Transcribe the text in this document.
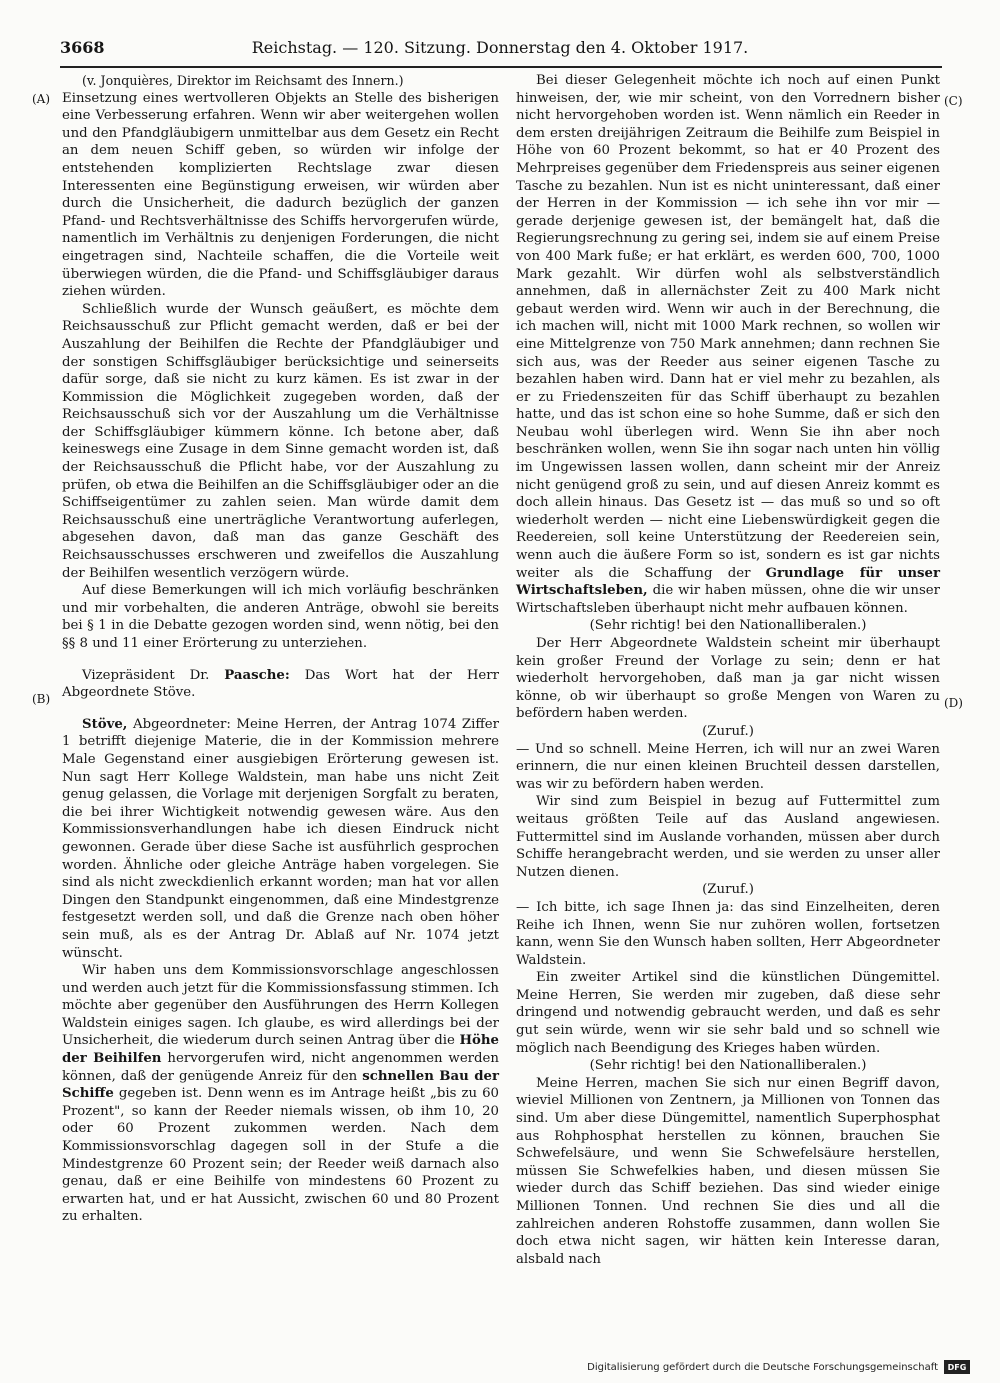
3668	Reichstag. — 120. Sitzung. Donnerstag den 4. Oktober 1917.
(A)
(B)
(C)
(D)

(v. Jonquières, Direktor im Reichsamt des Innern.)

Einsetzung eines wertvolleren Objekts an Stelle des bisherigen eine Verbesserung erfahren. Wenn wir aber weitergehen wollen und den Pfandgläubigern unmittelbar aus dem Gesetz ein Recht an dem neuen Schiff geben, so würden wir infolge der entstehenden komplizierten Rechtslage zwar diesen Interessenten eine Begünstigung erweisen, wir würden aber durch die Unsicherheit, die dadurch bezüglich der ganzen Pfand- und Rechtsverhältnisse des Schiffs hervorgerufen würde, namentlich im Verhältnis zu denjenigen Forderungen, die nicht eingetragen sind, Nachteile schaffen, die die Vorteile weit überwiegen würden, die die Pfand- und Schiffsgläubiger daraus ziehen würden.

Schließlich wurde der Wunsch geäußert, es möchte dem Reichsausschuß zur Pflicht gemacht werden, daß er bei der Auszahlung der Beihilfen die Rechte der Pfandgläubiger und der sonstigen Schiffsgläubiger berücksichtige und seinerseits dafür sorge, daß sie nicht zu kurz kämen. Es ist zwar in der Kommission die Möglichkeit zugegeben worden, daß der Reichsausschuß sich vor der Auszahlung um die Verhältnisse der Schiffsgläubiger kümmern könne. Ich betone aber, daß keineswegs eine Zusage in dem Sinne gemacht worden ist, daß der Reichsausschuß die Pflicht habe, vor der Auszahlung zu prüfen, ob etwa die Beihilfen an die Schiffsgläubiger oder an die Schiffseigentümer zu zahlen seien. Man würde damit dem Reichsausschuß eine unerträgliche Verantwortung auferlegen, abgesehen davon, daß man das ganze Geschäft des Reichsausschusses erschweren und zweifellos die Auszahlung der Beihilfen wesentlich verzögern würde.

Auf diese Bemerkungen will ich mich vorläufig beschränken und mir vorbehalten, die anderen Anträge, obwohl sie bereits bei § 1 in die Debatte gezogen worden sind, wenn nötig, bei den §§ 8 und 11 einer Erörterung zu unterziehen.

Vizepräsident Dr. Paasche: Das Wort hat der Herr Abgeordnete Stöve.

Stöve, Abgeordneter: Meine Herren, der Antrag 1074 Ziffer 1 betrifft diejenige Materie, die in der Kommission mehrere Male Gegenstand einer ausgiebigen Erörterung gewesen ist. Nun sagt Herr Kollege Waldstein, man habe uns nicht Zeit genug gelassen, die Vorlage mit derjenigen Sorgfalt zu beraten, die bei ihrer Wichtigkeit notwendig gewesen wäre. Aus den Kommissionsverhandlungen habe ich diesen Eindruck nicht gewonnen. Gerade über diese Sache ist ausführlich gesprochen worden. Ähnliche oder gleiche Anträge haben vorgelegen. Sie sind als nicht zweckdienlich erkannt worden; man hat vor allen Dingen den Standpunkt eingenommen, daß eine Mindestgrenze festgesetzt werden soll, und daß die Grenze nach oben höher sein muß, als es der Antrag Dr. Ablaß auf Nr. 1074 jetzt wünscht.

Wir haben uns dem Kommissionsvorschlage angeschlossen und werden auch jetzt für die Kommissionsfassung stimmen. Ich möchte aber gegenüber den Ausführungen des Herrn Kollegen Waldstein einiges sagen. Ich glaube, es wird allerdings bei der Unsicherheit, die wiederum durch seinen Antrag über die Höhe der Beihilfen hervorgerufen wird, nicht angenommen werden können, daß der genügende Anreiz für den schnellen Bau der Schiffe gegeben ist. Denn wenn es im Antrage heißt „bis zu 60 Prozent", so kann der Reeder niemals wissen, ob ihm 10, 20 oder 60 Prozent zukommen werden. Nach dem Kommissionsvorschlag dagegen soll in der Stufe a die Mindestgrenze 60 Prozent sein; der Reeder weiß darnach also genau, daß er eine Beihilfe von mindestens 60 Prozent zu erwarten hat, und er hat Aussicht, zwischen 60 und 80 Prozent zu erhalten.

Bei dieser Gelegenheit möchte ich noch auf einen Punkt hinweisen, der, wie mir scheint, von den Vorrednern bisher nicht hervorgehoben worden ist. Wenn nämlich ein Reeder in dem ersten dreijährigen Zeitraum die Beihilfe zum Beispiel in Höhe von 60 Prozent bekommt, so hat er 40 Prozent des Mehrpreises gegenüber dem Friedenspreis aus seiner eigenen Tasche zu bezahlen. Nun ist es nicht uninteressant, daß einer der Herren in der Kommission — ich sehe ihn vor mir — gerade derjenige gewesen ist, der bemängelt hat, daß die Regierungsrechnung zu gering sei, indem sie auf einem Preise von 400 Mark fuße; er hat erklärt, es werden 600, 700, 1000 Mark gezahlt. Wir dürfen wohl als selbstverständlich annehmen, daß in allernächster Zeit zu 400 Mark nicht gebaut werden wird. Wenn wir auch in der Berechnung, die ich machen will, nicht mit 1000 Mark rechnen, so wollen wir eine Mittelgrenze von 750 Mark annehmen; dann rechnen Sie sich aus, was der Reeder aus seiner eigenen Tasche zu bezahlen haben wird. Dann hat er viel mehr zu bezahlen, als er zu Friedenszeiten für das Schiff überhaupt zu bezahlen hatte, und das ist schon eine so hohe Summe, daß er sich den Neubau wohl überlegen wird. Wenn Sie ihn aber noch beschränken wollen, wenn Sie ihn sogar nach unten hin völlig im Ungewissen lassen wollen, dann scheint mir der Anreiz nicht genügend groß zu sein, und auf diesen Anreiz kommt es doch allein hinaus. Das Gesetz ist — das muß so und so oft wiederholt werden — nicht eine Liebenswürdigkeit gegen die Reedereien, soll keine Unterstützung der Reedereien sein, wenn auch die äußere Form so ist, sondern es ist gar nichts weiter als die Schaffung der Grundlage für unser Wirtschaftsleben, die wir haben müssen, ohne die wir unser Wirtschaftsleben überhaupt nicht mehr aufbauen können.

(Sehr richtig! bei den Nationalliberalen.)

Der Herr Abgeordnete Waldstein scheint mir überhaupt kein großer Freund der Vorlage zu sein; denn er hat wiederholt hervorgehoben, daß man ja gar nicht wissen könne, ob wir überhaupt so große Mengen von Waren zu befördern haben werden.

(Zuruf.)

— Und so schnell. Meine Herren, ich will nur an zwei Waren erinnern, die nur einen kleinen Bruchteil dessen darstellen, was wir zu befördern haben werden.

Wir sind zum Beispiel in bezug auf Futtermittel zum weitaus größten Teile auf das Ausland angewiesen. Futtermittel sind im Auslande vorhanden, müssen aber durch Schiffe herangebracht werden, und sie werden zu unser aller Nutzen dienen.

(Zuruf.)

— Ich bitte, ich sage Ihnen ja: das sind Einzelheiten, deren Reihe ich Ihnen, wenn Sie nur zuhören wollen, fortsetzen kann, wenn Sie den Wunsch haben sollten, Herr Abgeordneter Waldstein.

Ein zweiter Artikel sind die künstlichen Düngemittel. Meine Herren, Sie werden mir zugeben, daß diese sehr dringend und notwendig gebraucht werden, und daß es sehr gut sein würde, wenn wir sie sehr bald und so schnell wie möglich nach Beendigung des Krieges haben würden.

(Sehr richtig! bei den Nationalliberalen.)

Meine Herren, machen Sie sich nur einen Begriff davon, wieviel Millionen von Zentnern, ja Millionen von Tonnen das sind. Um aber diese Düngemittel, namentlich Superphosphat aus Rohphosphat herstellen zu können, brauchen Sie Schwefelsäure, und wenn Sie Schwefelsäure herstellen, müssen Sie Schwefelkies haben, und diesen müssen Sie wieder durch das Schiff beziehen. Das sind wieder einige Millionen Tonnen. Und rechnen Sie dies und all die zahlreichen anderen Rohstoffe zusammen, dann wollen Sie doch etwa nicht sagen, wir hätten kein Interesse daran, alsbald nach

Digitalisierung gefördert durch die Deutsche Forschungsgemeinschaft	DFG
